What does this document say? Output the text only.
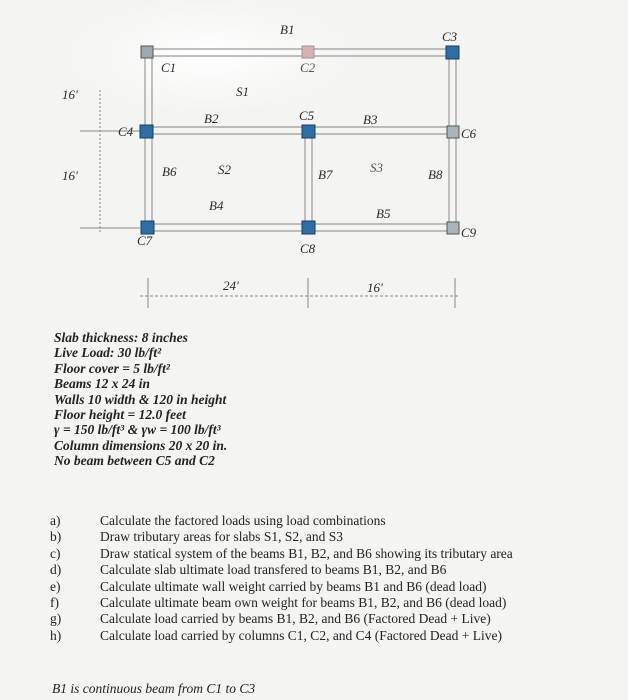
B1
B2	B3
B4
B5
B6	B7	B8
C1	C2
C3
C4
C5
C6
C7
C8
C9
S1
S2	S3
16'
16'
24'	16'
Slab thickness: 8 inches
Live Load: 30 lb/ft²
Floor cover = 5 lb/ft²
Beams 12 x 24 in
Walls 10 width & 120 in height
Floor height = 12.0 feet
γ = 150 lb/ft³ & γw = 100 lb/ft³
Column dimensions 20 x 20 in.
No beam between C5 and C2
a)	Calculate the factored loads using load combinations
b)	Draw tributary areas for slabs S1, S2, and S3
c)	Draw statical system of the beams B1, B2, and B6 showing its tributary area
d)	Calculate slab ultimate load transfered to beams B1, B2, and B6
e)	Calculate ultimate wall weight carried by beams B1 and B6 (dead load)
f)	Calculate ultimate beam own weight for beams B1, B2, and B6 (dead load)
g)	Calculate load carried by beams B1, B2, and B6 (Factored Dead + Live)
h)	Calculate load carried by columns C1, C2, and C4 (Factored Dead + Live)
B1 is continuous beam from C1 to C3
